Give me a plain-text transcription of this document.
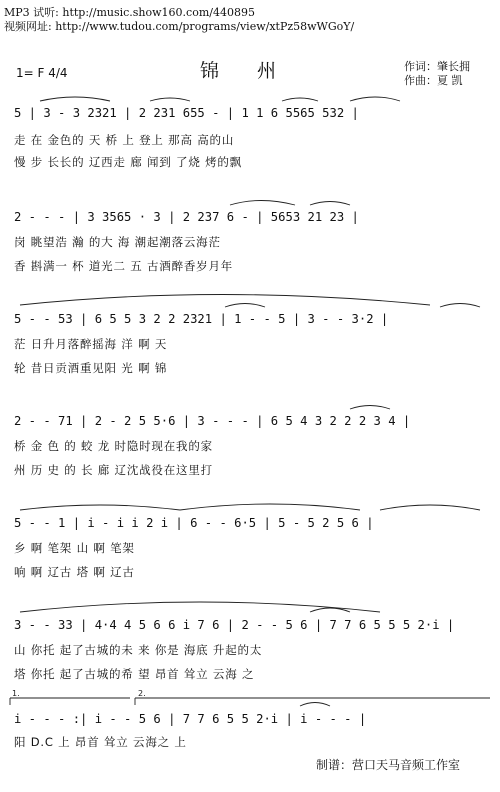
MP3 试听: http://music.show160.com/440895
视频网址: http://www.tudou.com/programs/view/xtPz58wWGoY/
锦 州
1= F 4/4	作词：肇长拥
作曲：夏 凯
5 | 3 - 3 2321 | 2 231 655 - | 1 1 6 5565 532 |
走 在 金色的 天 桥 上 登上 那高 高的山
慢 步 长长的 辽西走 廊 闻到 了烧 烤的飘
2 - - - | 3 3565 · 3 | 2 237 6 - | 5653 21 23 |
岗 眺望浩 瀚 的大 海 潮起潮落云海茫
香 斟满一 杯 道光二 五 古酒醉香岁月年
5 - - 53 | 6 5 5 3 2 2 2321 | 1 - - 5 | 3 - - 3·2 |
茫 日升月落醉摇海 洋 啊 天
轮 昔日贡酒重见阳 光 啊 锦
2 - - 71 | 2 - 2 5 5·6 | 3 - - - | 6 5 4 3 2 2 2 3 4 |
桥 金 色 的 蛟 龙 时隐时现在我的家
州 历 史 的 长 廊 辽沈战役在这里打
5 - - 1 | i - i i 2 i | 6 - - 6·5 | 5 - 5 2 5 6 |
乡 啊 笔架 山 啊 笔架
响 啊 辽古 塔 啊 辽古
3 - - 33 | 4·4 4 5 6 6 i 7 6 | 2 - - 5 6 | 7 7 6 5 5 5 2·i |
山 你托 起了古城的未 来 你是 海底 升起的太
塔 你托 起了古城的希 望 昂首 耸立 云海 之
i - - - :| i - - 5 6 | 7 7 6 5 5 2·i | i - - - |
阳 D.C 上 昂首 耸立 云海之 上
1.	2.
制谱：营口天马音频工作室
